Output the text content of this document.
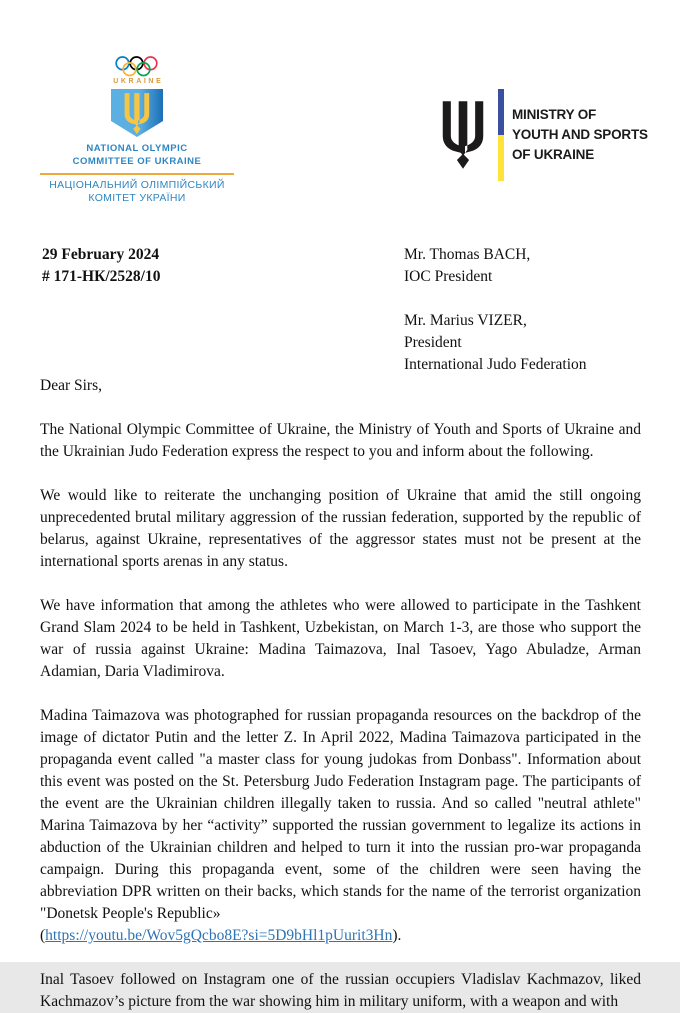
UKRAINE
NATIONAL OLYMPIC
COMMITTEE OF UKRAINE
НАЦІОНАЛЬНИЙ ОЛІМПІЙСЬКИЙ
КОМІТЕТ УКРАЇНИ
MINISTRY OF
YOUTH AND SPORTS
OF UKRAINE
29 February 2024
# 171-НК/2528/10
Mr. Thomas BACH,
IOC President
Mr. Marius VIZER,
President
International Judo Federation

Dear Sirs,

The National Olympic Committee of Ukraine, the Ministry of Youth and Sports of Ukraine and the Ukrainian Judo Federation express the respect to you and inform about the following.

We would like to reiterate the unchanging position of Ukraine that amid the still ongoing unprecedented brutal military aggression of the russian federation, supported by the republic of belarus, against Ukraine, representatives of the aggressor states must not be present at the international sports arenas in any status.

We have information that among the athletes who were allowed to participate in the Tashkent Grand Slam 2024 to be held in Tashkent, Uzbekistan, on March 1-3, are those who support the war of russia against Ukraine: Madina Taimazova, Inal Tasoev, Yago Abuladze, Arman Adamian, Daria Vladimirova.

Madina Taimazova was photographed for russian propaganda resources on the backdrop of the image of dictator Putin and the letter Z. In April 2022, Madina Taimazova participated in the propaganda event called "a master class for young judokas from Donbass". Information about this event was posted on the St. Petersburg Judo Federation Instagram page. The participants of the event are the Ukrainian children illegally taken to russia. And so called "neutral athlete" Marina Taimazova by her “activity” supported the russian government to legalize its actions in abduction of the Ukrainian children and helped to turn it into the russian pro-war propaganda campaign. During this propaganda event, some of the children were seen having the abbreviation DPR written on their backs, which stands for the name of the terrorist organization "Donetsk People's Republic»

(https://youtu.be/Wov5gQcbo8E?si=5D9bHl1pUurit3Hn).

Inal Tasoev followed on Instagram one of the russian occupiers Vladislav Kachmazov, liked Kachmazov’s picture from the war showing him in military uniform, with a weapon and with
